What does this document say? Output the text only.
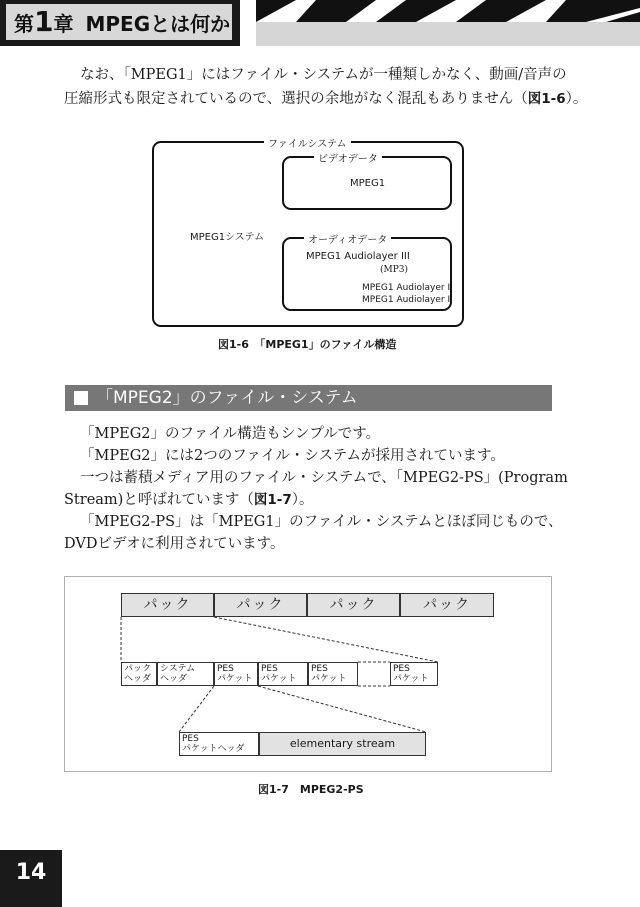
第1章 MPEGとは何か
なお、「MPEG1」にはファイル・システムが一種類しかなく、動画/音声の
圧縮形式も限定されているので、選択の余地がなく混乱もありません（図1-6）。
ファイルシステム
MPEG1システム
ビデオデータ
MPEG1
オーディオデータ
MPEG1 Audiolayer III
(MP3)
MPEG1 Audiolayer I
MPEG1 Audiolayer II
図1-6　「MPEG1」のファイル構造
「MPEG2」のファイル・システム
「MPEG2」のファイル構造もシンプルです。
「MPEG2」には2つのファイル・システムが採用されています。
一つは蓄積メディア用のファイル・システムで、「MPEG2-PS」(Program
Stream)と呼ばれています（図1-7）。
「MPEG2-PS」は「MPEG1」のファイル・システムとほぼ同じもので、
DVDビデオに利用されています。
パック	パック	パック	パック
パック
ヘッダ
システム
ヘッダ
PES
パケット
PES
パケット
PES
パケット
PES
パケット
PES
パケットヘッダ	elementary stream
図1-7　MPEG2-PS
14
